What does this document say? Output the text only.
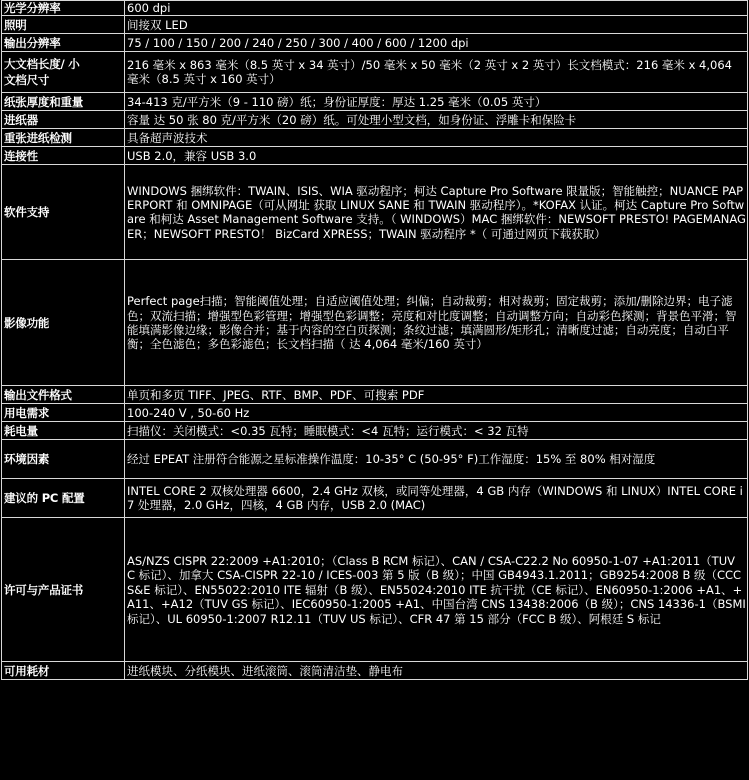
光学分辨率	600 dpi
照明	间接双 LED
输出分辨率	75 / 100 / 150 / 200 / 240 / 250 / 300 / 400 / 600 / 1200 dpi

大文档长度/ 小
文档尺寸	216 毫米 x 863 毫米（8.5 英寸 x 34 英寸）/50 毫米 x 50 毫米（2 英寸 x 2 英寸）长文档模式：216 毫米 x 4,064 毫米（8.5 英寸 x 160 英寸）
纸张厚度和重量	34-413 克/平方米（9 - 110 磅）纸；身份证厚度：厚达 1.25 毫米（0.05 英寸）
进纸器	容量 达 50 张 80 克/平方米（20 磅）纸。可处理小型文档，如身份证、浮雕卡和保险卡
重张进纸检测	具备超声波技术
连接性	USB 2.0，兼容 USB 3.0
软件支持	WINDOWS 捆绑软件：TWAIN、ISIS、WIA 驱动程序；柯达 Capture Pro Software 限量版；智能触控；NUANCE PAPERPORT 和 OMNIPAGE（可从网址 获取 LINUX SANE 和 TWAIN 驱动程序）。*KOFAX 认证。柯达 Capture Pro Software 和柯达 Asset Management Software 支持。（ WINDOWS）MAC 捆绑软件：NEWSOFT PRESTO! PAGEMANAGER；NEWSOFT PRESTO！ BizCard XPRESS；TWAIN 驱动程序 *（ 可通过网页下载获取）
影像功能	Perfect page扫描；智能阈值处理；自适应阈值处理；纠偏；自动裁剪；相对裁剪；固定裁剪；添加/删除边界；电子滤色；双流扫描；增强型色彩管理；增强型色彩调整；亮度和对比度调整；自动调整方向；自动彩色探测；背景色平滑；智能填满影像边缘；影像合并；基于内容的空白页探测；条纹过滤；填满圆形/矩形孔；清晰度过滤；自动亮度；自动白平衡；全色滤色；多色彩滤色；长文档扫描（ 达 4,064 毫米/160 英寸）
输出文件格式	单页和多页 TIFF、JPEG、RTF、BMP、PDF、可搜索 PDF
用电需求	100-240 V , 50-60 Hz
耗电量	扫描仪：关闭模式：<0.35 瓦特；睡眠模式：<4 瓦特；运行模式：< 32 瓦特
环境因素	经过 EPEAT 注册符合能源之星标准操作温度：10-35° C (50-95° F)工作湿度：15% 至 80% 相对湿度
建议的 PC 配置	INTEL CORE 2 双核处理器 6600，2.4 GHz 双核，或同等处理器，4 GB 内存（WINDOWS 和 LINUX）INTEL CORE i7 处理器，2.0 GHz，四核，4 GB 内存，USB 2.0 (MAC)
许可与产品证书	AS/NZS CISPR 22:2009 +A1:2010；（Class B RCM 标记）、CAN / CSA-C22.2 No 60950-1-07 +A1:2011（TUV C 标记）、加拿大 CSA-CISPR 22-10 / ICES-003 第 5 版（B 级）；中国 GB4943.1.2011；GB9254:2008 B 级（CCC S&E 标记）、EN55022:2010 ITE 辐射（B 级）、EN55024:2010 ITE 抗干扰（CE 标记）、EN60950-1:2006 +A1、+A11、+A12（TUV GS 标记）、IEC60950-1:2005 +A1、中国台湾 CNS 13438:2006（B 级）；CNS 14336-1（BSMI 标记）、UL 60950-1:2007 R12.11（TUV US 标记）、CFR 47 第 15 部分（FCC B 级）、阿根廷 S 标记
可用耗材	进纸模块、分纸模块、进纸滚筒、滚筒清洁垫、静电布
